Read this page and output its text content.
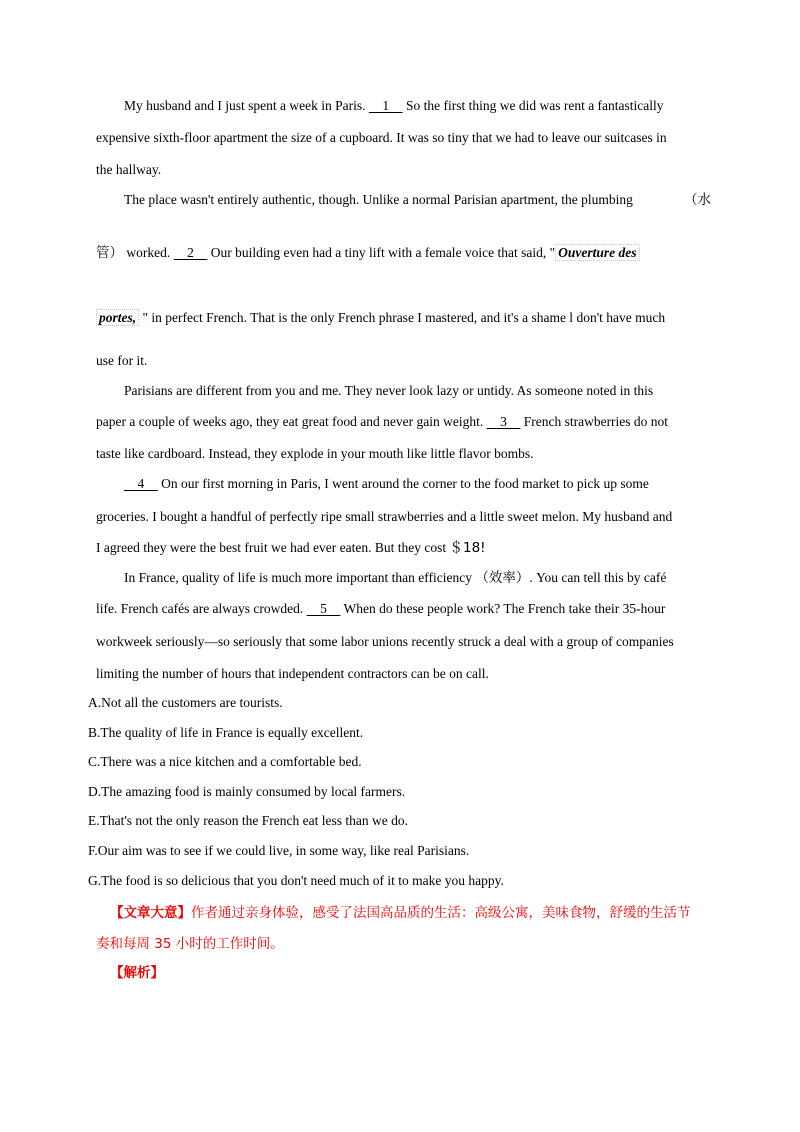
My husband and I just spent a week in Paris.     1     So the first thing we did was rent a fantastically
expensive sixth-floor apartment the size of a cupboard. It was so tiny that we had to leave our suitcases in
the hallway.
The place wasn't entirely authentic, though. Unlike a normal Parisian apartment, the plumbing	（水
管） worked.     2     Our building even had a tiny lift with a female voice that said, " Ouverture des
portes, " in perfect French. That is the only French phrase I mastered, and it's a shame l don't have much
use for it.
Parisians are different from you and me. They never look lazy or untidy. As someone noted in this
paper a couple of weeks ago, they eat great food and never gain weight.     3     French strawberries do not
taste like cardboard. Instead, they explode in your mouth like little flavor bombs.
4     On our first morning in Paris, I went around the corner to the food market to pick up some
groceries. I bought a handful of perfectly ripe small strawberries and a little sweet melon. My husband and
I agreed they were the best fruit we had ever eaten. But they cost ＄18!
In France, quality of life is much more important than efficiency （效率）. You can tell this by café
life. French cafés are always crowded.     5     When do these people work? The French take their 35-hour
workweek seriously—so seriously that some labor unions recently struck a deal with a group of companies
limiting the number of hours that independent contractors can be on call.
A.Not all the customers are tourists.
B.The quality of life in France is equally excellent.
C.There was a nice kitchen and a comfortable bed.
D.The amazing food is mainly consumed by local farmers.
E.That's not the only reason the French eat less than we do.
F.Our aim was to see if we could live, in some way, like real Parisians.
G.The food is so delicious that you don't need much of it to make you happy.
【文章大意】作者通过亲身体验，感受了法国高品质的生活：高级公寓，美味食物，舒缓的生活节
奏和每周 35 小时的工作时间。
【解析】
